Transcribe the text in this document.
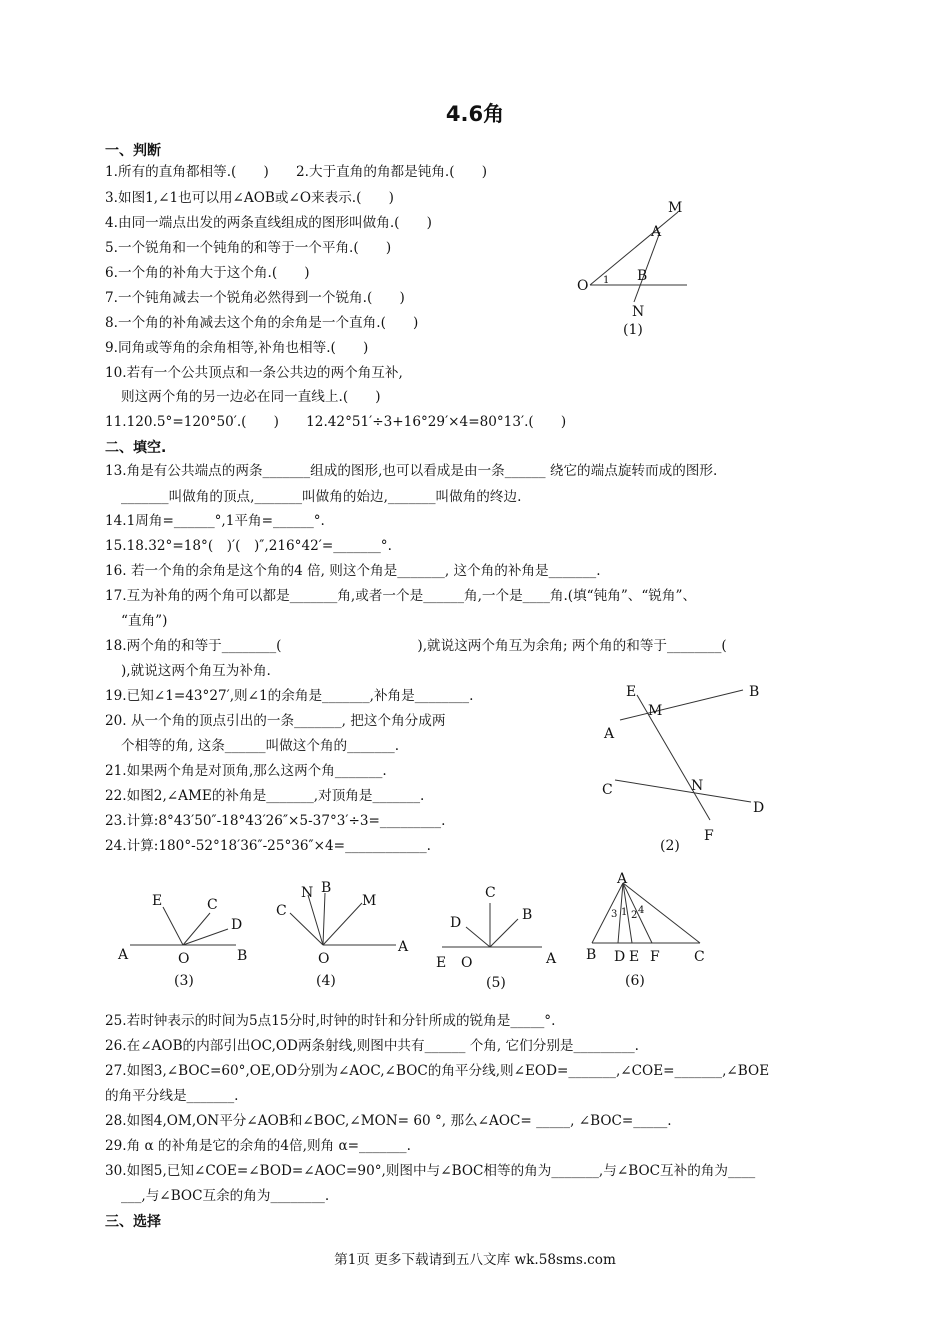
4.6角
一、判断
1.所有的直角都相等.(　　)　　2.大于直角的角都是钝角.(　　)
3.如图1,∠1也可以用∠AOB或∠O来表示.(　　)
4.由同一端点出发的两条直线组成的图形叫做角.(　　)
5.一个锐角和一个钝角的和等于一个平角.(　　)
6.一个角的补角大于这个角.(　　)
7.一个钝角减去一个锐角必然得到一个锐角.(　　)
8.一个角的补角减去这个角的余角是一个直角.(　　)
9.同角或等角的余角相等,补角也相等.(　　)
10.若有一个公共顶点和一条公共边的两个角互补,
则这两个角的另一边必在同一直线上.(　　)
11.120.5°=120°50′.(　　)　　12.42°51′÷3+16°29′×4=80°13′.(　　)
二、填空.
13.角是有公共端点的两条_______组成的图形,也可以看成是由一条______ 绕它的端点旋转而成的图形.
_______叫做角的顶点,_______叫做角的始边,_______叫做角的终边.
14.1周角=______°,1平角=______°.
15.18.32°=18°(　)′(　)″,216°42′=_______°.
16. 若一个角的余角是这个角的4 倍, 则这个角是_______, 这个角的补角是_______.
17.互为补角的两个角可以都是_______角,或者一个是______角,一个是____角.(填“钝角”、“锐角”、
“直角”)
18.两个角的和等于________(　　　　　　　　　　),就说这两个角互为余角; 两个角的和等于________(
),就说这两个角互为补角.
19.已知∠1=43°27′,则∠1的余角是_______,补角是________.
20. 从一个角的顶点引出的一条_______, 把这个角分成两
个相等的角, 这条______叫做这个角的_______.
21.如果两个角是对顶角,那么这两个角_______.
22.如图2,∠AME的补角是_______,对顶角是_______.
23.计算:8°43′50″-18°43′26″×5-37°3′÷3=_________.
24.计算:180°-52°18′36″-25°36″×4=____________.
25.若时钟表示的时间为5点15分时,时钟的时针和分针所成的锐角是_____°.
26.在∠AOB的内部引出OC,OD两条射线,则图中共有______ 个角, 它们分别是_________.
27.如图3,∠BOC=60°,OE,OD分别为∠AOC,∠BOC的角平分线,则∠EOD=_______,∠COE=_______,∠BOE
的角平分线是_______.
28.如图4,OM,ON平分∠AOB和∠BOC,∠MON= 60 °, 那么∠AOC= _____, ∠BOC=_____.
29.角 α 的补角是它的余角的4倍,则角 α=_______.
30.如图5,已知∠COE=∠BOD=∠AOC=90°,则图中与∠BOC相等的角为_______,与∠BOC互补的角为____
___,与∠BOC互余的角为________.
三、选择
M
A
O 1 B
N
(1)
E	B
M
A
C	N
D
F
(2)
E	C
D
A	O	B
(3)
N B
M
C
O
A
(4)
C
D	B
E O	A
(5)
A
3 1 2 4
B D E F C
(6)
第1页 更多下载请到五八文库 wk.58sms.com
